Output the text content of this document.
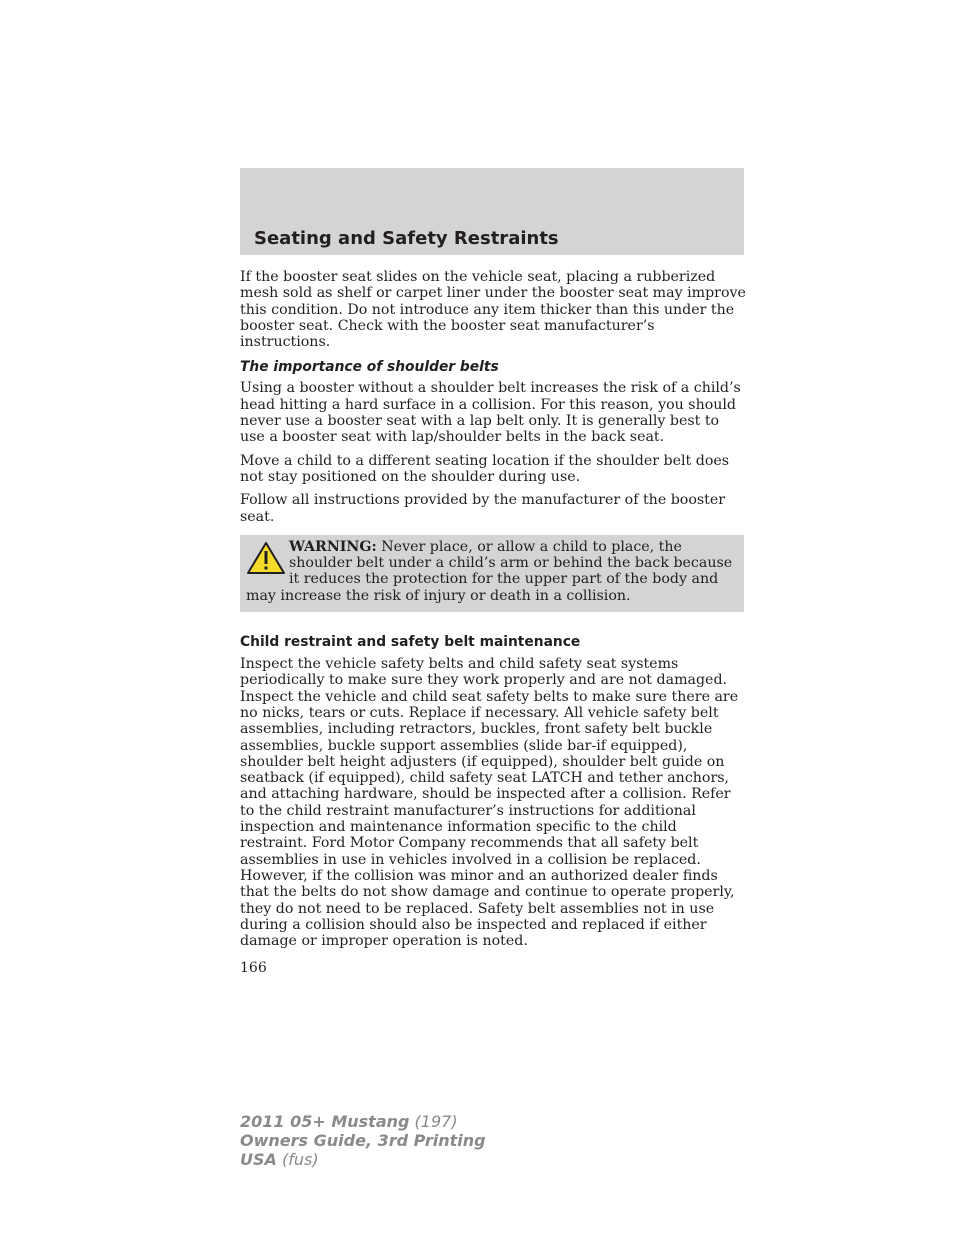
Seating and Safety Restraints

If the booster seat slides on the vehicle seat, placing a rubberized mesh sold as shelf or carpet liner under the booster seat may improve this condition. Do not introduce any item thicker than this under the booster seat. Check with the booster seat manufacturer’s instructions.

The importance of shoulder belts

Using a booster without a shoulder belt increases the risk of a child’s head hitting a hard surface in a collision. For this reason, you should never use a booster seat with a lap belt only. It is generally best to use a booster seat with lap/shoulder belts in the back seat.

Move a child to a different seating location if the shoulder belt does not stay positioned on the shoulder during use.

Follow all instructions provided by the manufacturer of the booster seat.

WARNING: Never place, or allow a child to place, the shoulder belt under a child’s arm or behind the back because it reduces the protection for the upper part of the body and may increase the risk of injury or death in a collision.

Child restraint and safety belt maintenance

Inspect the vehicle safety belts and child safety seat systems periodically to make sure they work properly and are not damaged. Inspect the vehicle and child seat safety belts to make sure there are no nicks, tears or cuts. Replace if necessary. All vehicle safety belt assemblies, including retractors, buckles, front safety belt buckle assemblies, buckle support assemblies (slide bar-if equipped), shoulder belt height adjusters (if equipped), shoulder belt guide on seatback (if equipped), child safety seat LATCH and tether anchors, and attaching hardware, should be inspected after a collision. Refer to the child restraint manufacturer’s instructions for additional inspection and maintenance information specific to the child restraint. Ford Motor Company recommends that all safety belt assemblies in use in vehicles involved in a collision be replaced. However, if the collision was minor and an authorized dealer finds that the belts do not show damage and continue to operate properly, they do not need to be replaced. Safety belt assemblies not in use during a collision should also be inspected and replaced if either damage or improper operation is noted.

166
2011 05+ Mustang (197)
Owners Guide, 3rd Printing
USA (fus)
